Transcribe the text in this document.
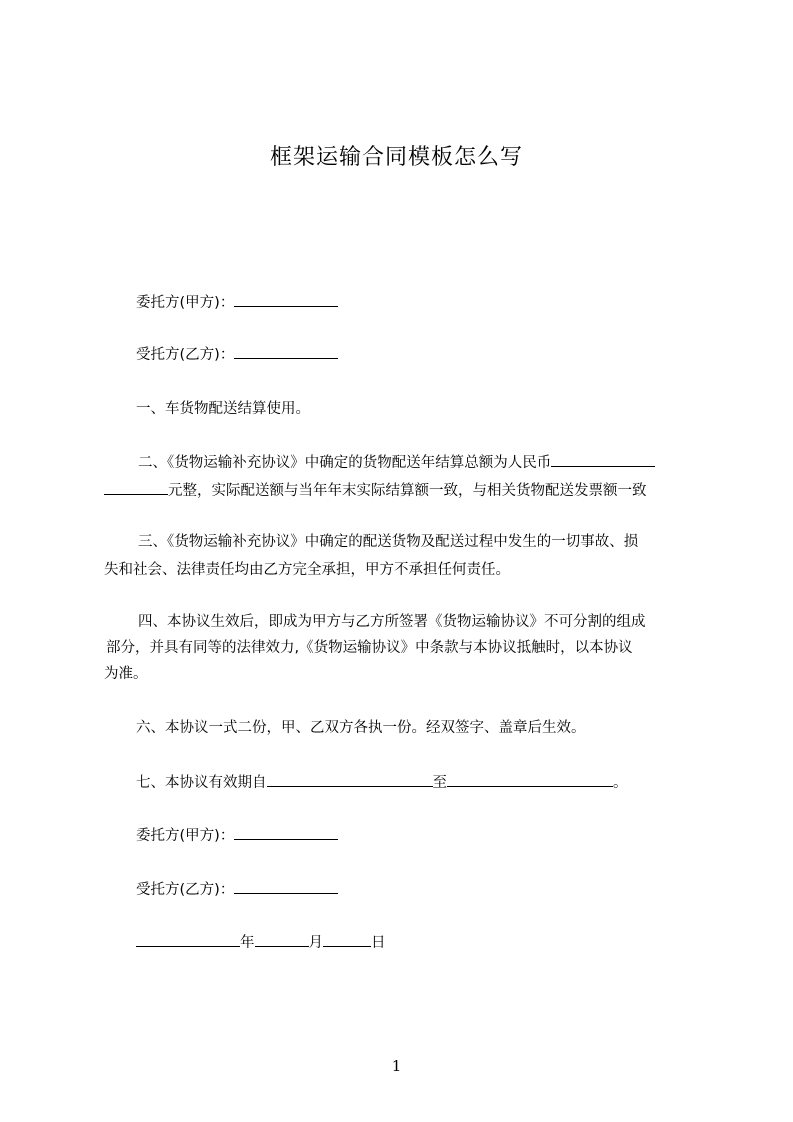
框架运输合同模板怎么写
委托方(甲方)：
受托方(乙方)：
一、车货物配送结算使用。
二、《货物运输补充协议》中确定的货物配送年结算总额为人民币
元整，实际配送额与当年年末实际结算额一致，与相关货物配送发票额一致
三、《货物运输补充协议》中确定的配送货物及配送过程中发生的一切事故、损
失和社会、法律责任均由乙方完全承担，甲方不承担任何责任。
四、本协议生效后，即成为甲方与乙方所签署《货物运输协议》不可分割的组成
部分，并具有同等的法律效力,《货物运输协议》中条款与本协议抵触时，以本协议
为准。
六、本协议一式二份，甲、乙双方各执一份。经双签字、盖章后生效。
七、本协议有效期自	至	。
委托方(甲方)：
受托方(乙方)：
年	月	日
1
